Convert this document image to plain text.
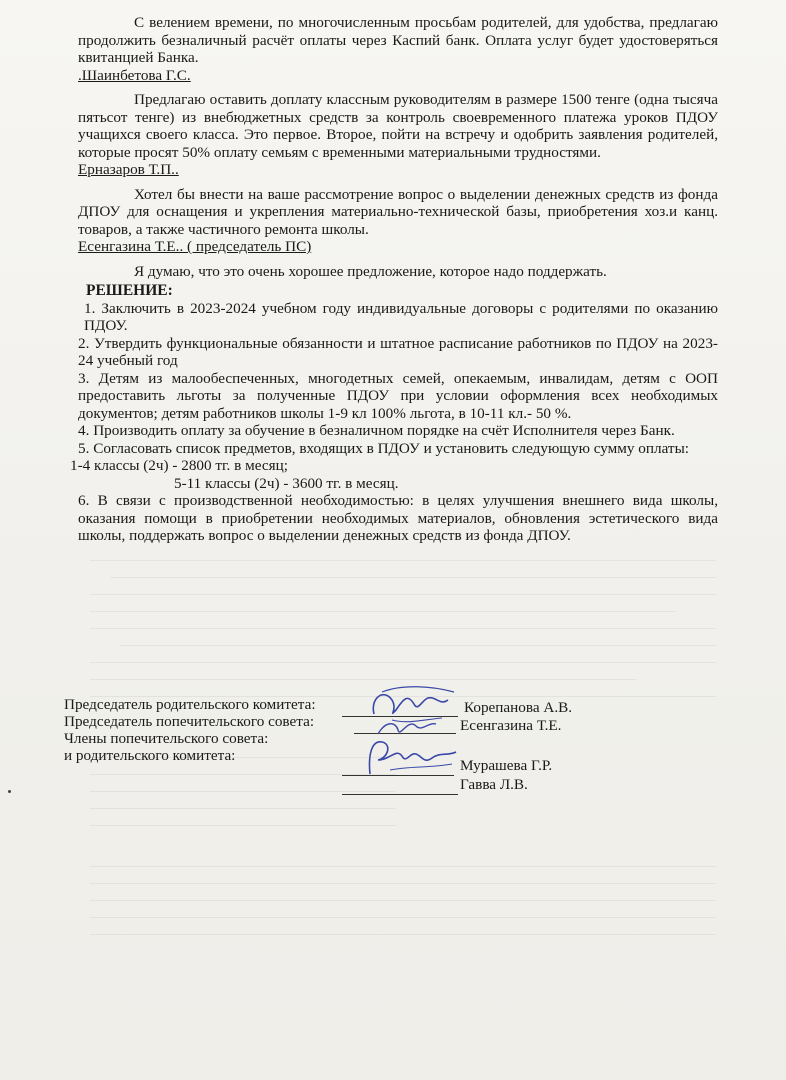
С велением времени, по многочисленным просьбам родителей, для удобства, предлагаю продолжить безналичный расчёт оплаты через Каспий банк. Оплата услуг будет удостоверяться квитанцией Банка.

.Шаинбетова Г.С.

Предлагаю оставить доплату классным руководителям в размере 1500 тенге (одна тысяча пятьсот тенге) из внебюджетных средств за контроль своевременного платежа уроков ПДОУ учащихся своего класса. Это первое. Второе, пойти на встречу и одобрить заявления родителей, которые просят 50% оплату семьям с временными материальными трудностями.

Ерназаров Т.П..

Хотел бы внести на ваше рассмотрение вопрос о выделении денежных средств из фонда ДПОУ для оснащения и укрепления материально-технической базы, приобретения хоз.и канц. товаров, а также частичного ремонта школы.

Есенгазина Т.Е.. ( председатель ПС)

Я думаю, что это очень хорошее предложение, которое надо поддержать.

РЕШЕНИЕ:

1. Заключить в 2023-2024 учебном году индивидуальные договоры с родителями по оказанию ПДОУ.

2. Утвердить функциональные обязанности и штатное расписание работников по ПДОУ на 2023-24 учебный год

3. Детям из малообеспеченных, многодетных семей, опекаемым, инвалидам, детям с ООП предоставить льготы за полученные ПДОУ при условии оформления всех необходимых документов; детям работников школы 1-9 кл 100% льгота, в 10-11 кл.- 50 %.

4. Производить оплату за обучение в безналичном порядке на счёт Исполнителя через Банк.

5. Согласовать список предметов, входящих в ПДОУ и установить следующую сумму оплаты:

1-4 классы (2ч) - 2800 тг. в месяц;

5-11 классы (2ч) - 3600 тг. в месяц.

6. В связи с производственной необходимостью: в целях улучшения внешнего вида школы, оказания помощи в приобретении необходимых материалов, обновления эстетического вида школы, поддержать вопрос о выделении денежных средств из фонда ДПОУ.

Председатель родительского комитета:
Председатель попечительского совета:
Члены попечительского совета:
и родительского комитета:
Корепанова А.В.
Есенгазина Т.Е.
Мурашева Г.Р.
Гавва Л.В.
